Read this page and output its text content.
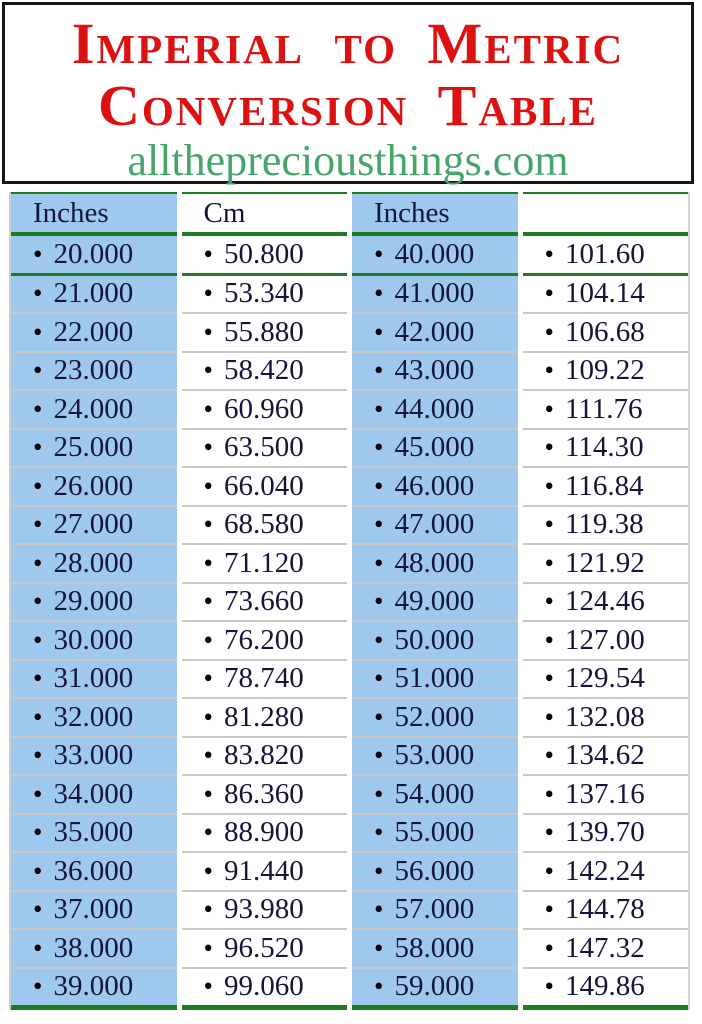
Imperial to Metric
Conversion Table
allthepreciousthings.com
Inches	Cm	Inches
• 20.000	• 50.800	• 40.000	• 101.60
• 21.000	• 53.340	• 41.000	• 104.14
• 22.000	• 55.880	• 42.000	• 106.68
• 23.000	• 58.420	• 43.000	• 109.22
• 24.000	• 60.960	• 44.000	• 111.76
• 25.000	• 63.500	• 45.000	• 114.30
• 26.000	• 66.040	• 46.000	• 116.84
• 27.000	• 68.580	• 47.000	• 119.38
• 28.000	• 71.120	• 48.000	• 121.92
• 29.000	• 73.660	• 49.000	• 124.46
• 30.000	• 76.200	• 50.000	• 127.00
• 31.000	• 78.740	• 51.000	• 129.54
• 32.000	• 81.280	• 52.000	• 132.08
• 33.000	• 83.820	• 53.000	• 134.62
• 34.000	• 86.360	• 54.000	• 137.16
• 35.000	• 88.900	• 55.000	• 139.70
• 36.000	• 91.440	• 56.000	• 142.24
• 37.000	• 93.980	• 57.000	• 144.78
• 38.000	• 96.520	• 58.000	• 147.32
• 39.000	• 99.060	• 59.000	• 149.86
